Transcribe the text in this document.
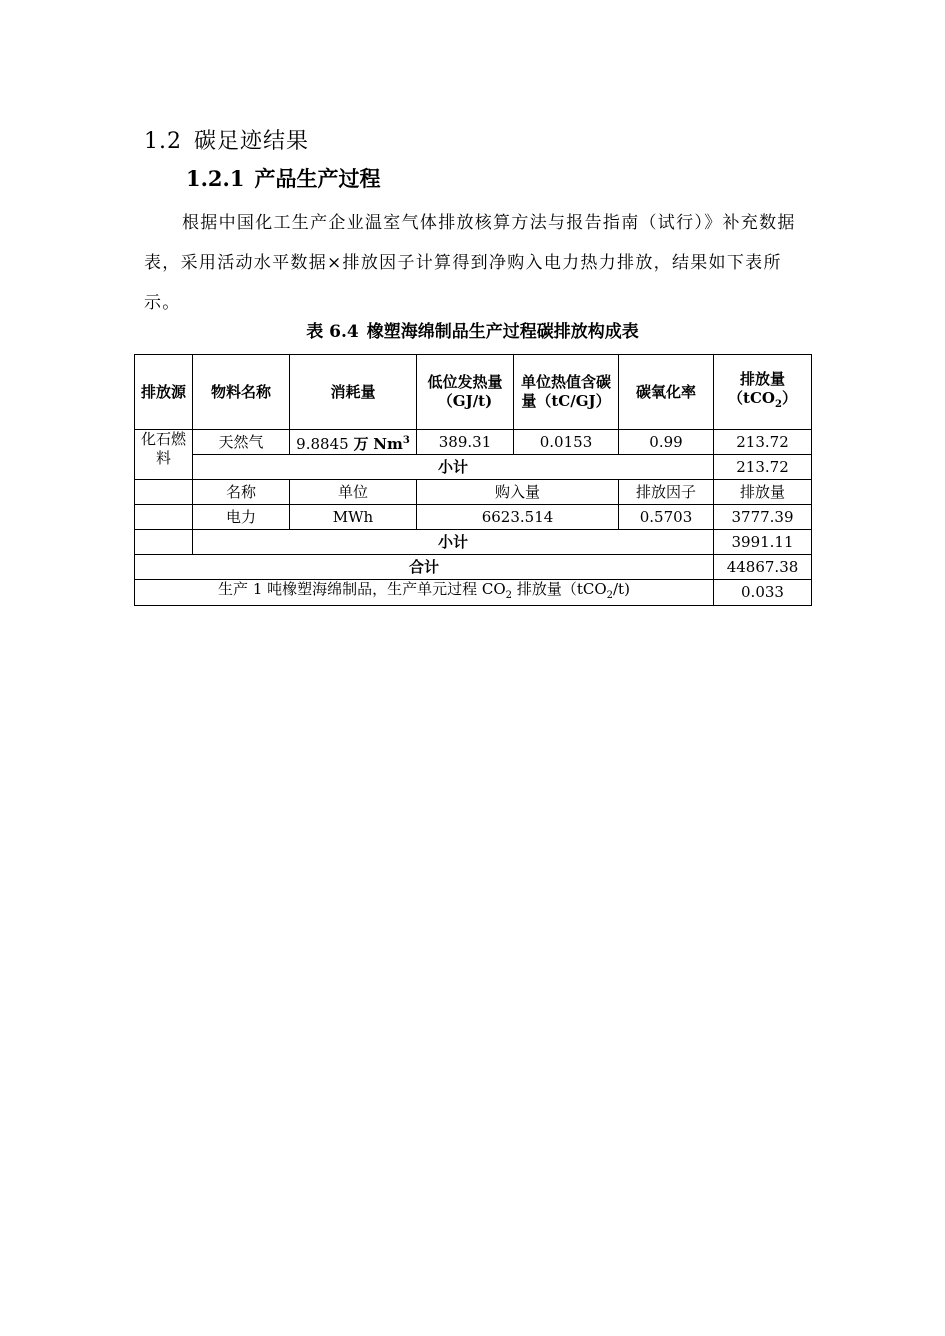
1.2 碳足迹结果
1.2.1 产品生产过程
根据中国化工生产企业温室气体排放核算方法与报告指南（试行）》补充数据表，采用活动水平数据×排放因子计算得到净购入电力热力排放，结果如下表所示。
表 6.4 橡塑海绵制品生产过程碳排放构成表
排放源	物料名称	消耗量	低位发热量（GJ/t)	单位热值含碳量（tC/GJ）	碳氧化率	排放量
（tCO$_2$）
化石燃料	天然气	9.8845 万 Nm$^3$	389.31	0.0153	0.99	213.72
	小计					213.72
	名称	单位	购入量		排放因子	排放量
	电力	MWh	6623.514		0.5703	3777.39
	小计					3991.11
合计						44867.38
生产 1 吨橡塑海绵制品，生产单元过程 $CO_2$ 排放量（tCO$_2$/t)						0.033
